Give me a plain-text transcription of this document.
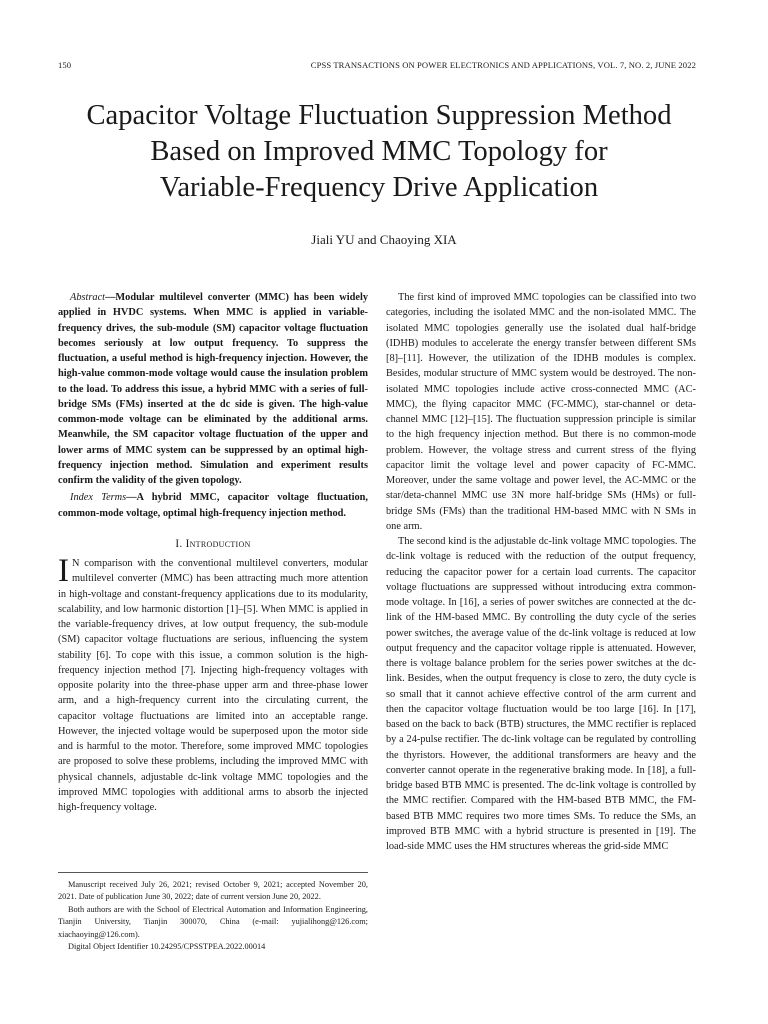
150	CPSS TRANSACTIONS ON POWER ELECTRONICS AND APPLICATIONS, VOL. 7, NO. 2, JUNE 2022
Capacitor Voltage Fluctuation Suppression Method
Based on Improved MMC Topology for
Variable-Frequency Drive Application
Jiali YU and Chaoying XIA

Abstract—Modular multilevel converter (MMC) has been widely applied in HVDC systems. When MMC is applied in variable-frequency drives, the sub-module (SM) capacitor voltage fluctuation becomes seriously at low output frequency. To suppress the fluctuation, a useful method is high-frequency injection. However, the high-value common-mode voltage would cause the insulation problem to the load. To address this issue, a hybrid MMC with a series of full-bridge SMs (FMs) inserted at the dc side is given. The high-value common-mode voltage can be eliminated by the additional arms. Meanwhile, the SM capacitor voltage fluctuation of the upper and lower arms of MMC system can be suppressed by an optimal high-frequency injection method. Simulation and experiment results confirm the validity of the given topology.

Index Terms—A hybrid MMC, capacitor voltage fluctuation, common-mode voltage, optimal high-frequency injection method.

I. Introduction

I N comparison with the conventional multilevel converters, modular multilevel converter (MMC) has been attracting much more attention in high-voltage and constant-frequency applications due to its modularity, scalability, and low harmonic distortion [1]–[5]. When MMC is applied in the variable-frequency drives, at low output frequency, the sub-module (SM) capacitor voltage fluctuations are serious, influencing the system stability [6]. To cope with this issue, a common solution is the high-frequency injection method [7]. Injecting high-frequency voltages with opposite polarity into the three-phase upper arm and three-phase lower arm, and a high-frequency current into the circulating current, the capacitor voltage fluctuations are limited into an acceptable range. However, the injected voltage would be superposed upon the motor side and is harmful to the motor. Therefore, some improved MMC topologies are proposed to solve these problems, including the improved MMC with physical channels, adjustable dc-link voltage MMC topologies and the improved MMC topologies with additional arms to absorb the injected high-frequency voltage.

Manuscript received July 26, 2021; revised October 9, 2021; accepted November 20, 2021. Date of publication June 30, 2022; date of current version June 20, 2022.

Both authors are with the School of Electrical Automation and Information Engineering, Tianjin University, Tianjin 300070, China (e-mail: yujialihong@126.com; xiachaoying@126.com).

Digital Object Identifier 10.24295/CPSSTPEA.2022.00014

The first kind of improved MMC topologies can be classified into two categories, including the isolated MMC and the non-isolated MMC. The isolated MMC topologies generally use the isolated dual half-bridge (IDHB) modules to accelerate the energy transfer between different SMs [8]–[11]. However, the utilization of the IDHB modules is complex. Besides, modular structure of MMC system would be destroyed. The non-isolated MMC topologies include active cross-connected MMC (AC-MMC), the flying capacitor MMC (FC-MMC), star-channel or deta-channel MMC [12]–[15]. The fluctuation suppression principle is similar to the high frequency injection method. But there is no common-mode problem. However, the voltage stress and current stress of the flying capacitor limit the voltage level and power capacity of FC-MMC. Moreover, under the same voltage and power level, the AC-MMC or the star/deta-channel MMC use 3N more half-bridge SMs (HMs) or full-bridge SMs (FMs) than the traditional HM-based MMC with N SMs in one arm.

The second kind is the adjustable dc-link voltage MMC topologies. The dc-link voltage is reduced with the reduction of the output frequency, reducing the capacitor power for a certain load currents. The capacitor voltage fluctuations are suppressed without introducing extra common-mode voltage. In [16], a series of power switches are connected at the dc-link of the HM-based MMC. By controlling the duty cycle of the series power switches, the average value of the dc-link voltage is reduced at low output frequency and the capacitor voltage ripple is attenuated. However, there is voltage balance problem for the series power switches at the dc-link. Besides, when the output frequency is close to zero, the duty cycle is so small that it cannot achieve effective control of the arm current and then the capacitor voltage fluctuation would be too large [16]. In [17], based on the back to back (BTB) structures, the MMC rectifier is replaced by a 24-pulse rectifier. The dc-link voltage can be regulated by controlling the thyristors. However, the additional transformers are heavy and the converter cannot operate in the regenerative braking mode. In [18], a full-bridge based BTB MMC is presented. The dc-link voltage is controlled by the MMC rectifier. Compared with the HM-based BTB MMC, the FM-based BTB MMC requires two more times SMs. To reduce the SMs, an improved BTB MMC with a hybrid structure is presented in [19]. The load-side MMC uses the HM structures whereas the grid-side MMC
